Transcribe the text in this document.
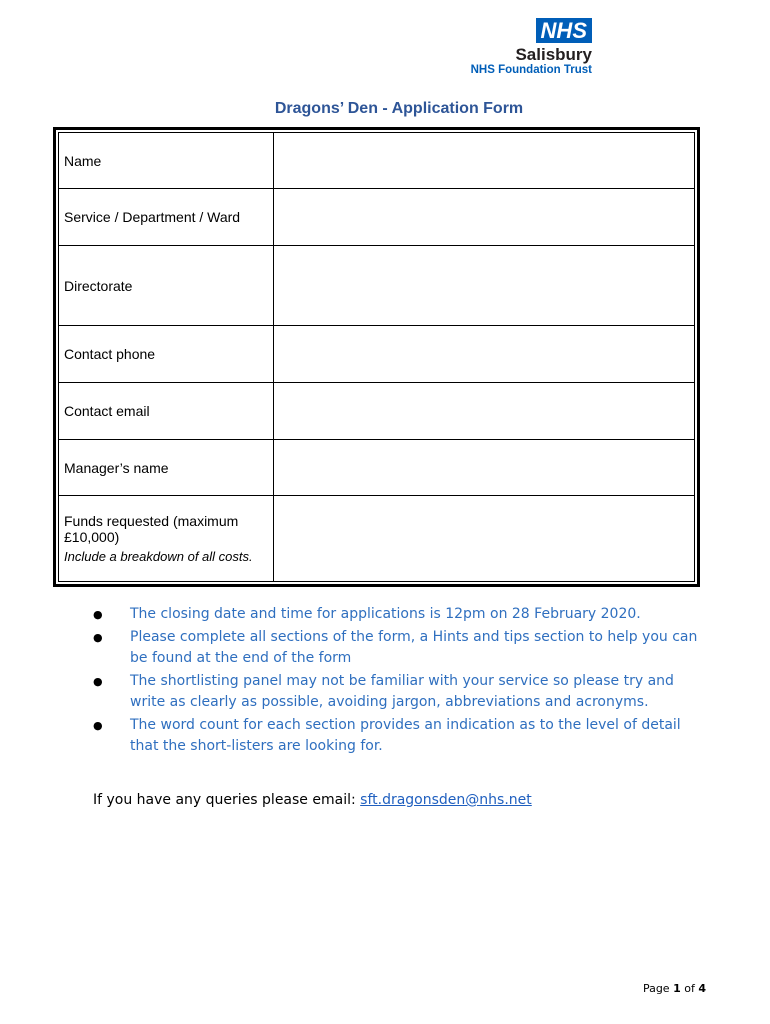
NHS
Salisbury
NHS Foundation Trust
Dragons’ Den - Application Form
Name	
Service / Department / Ward	
Directorate	
Contact phone	
Contact email	
Manager’s name	

Funds requested (maximum £10,000)
Include a breakdown of all costs.	

● The closing date and time for applications is 12pm on 28 February 2020.
● Please complete all sections of the form, a Hints and tips section to help you can be found at the end of the form
● The shortlisting panel may not be familiar with your service so please try and write as clearly as possible, avoiding jargon, abbreviations and acronyms.
● The word count for each section provides an indication as to the level of detail that the short-listers are looking for.
If you have any queries please email: sft.dragonsden@nhs.net
Page 1 of 4
